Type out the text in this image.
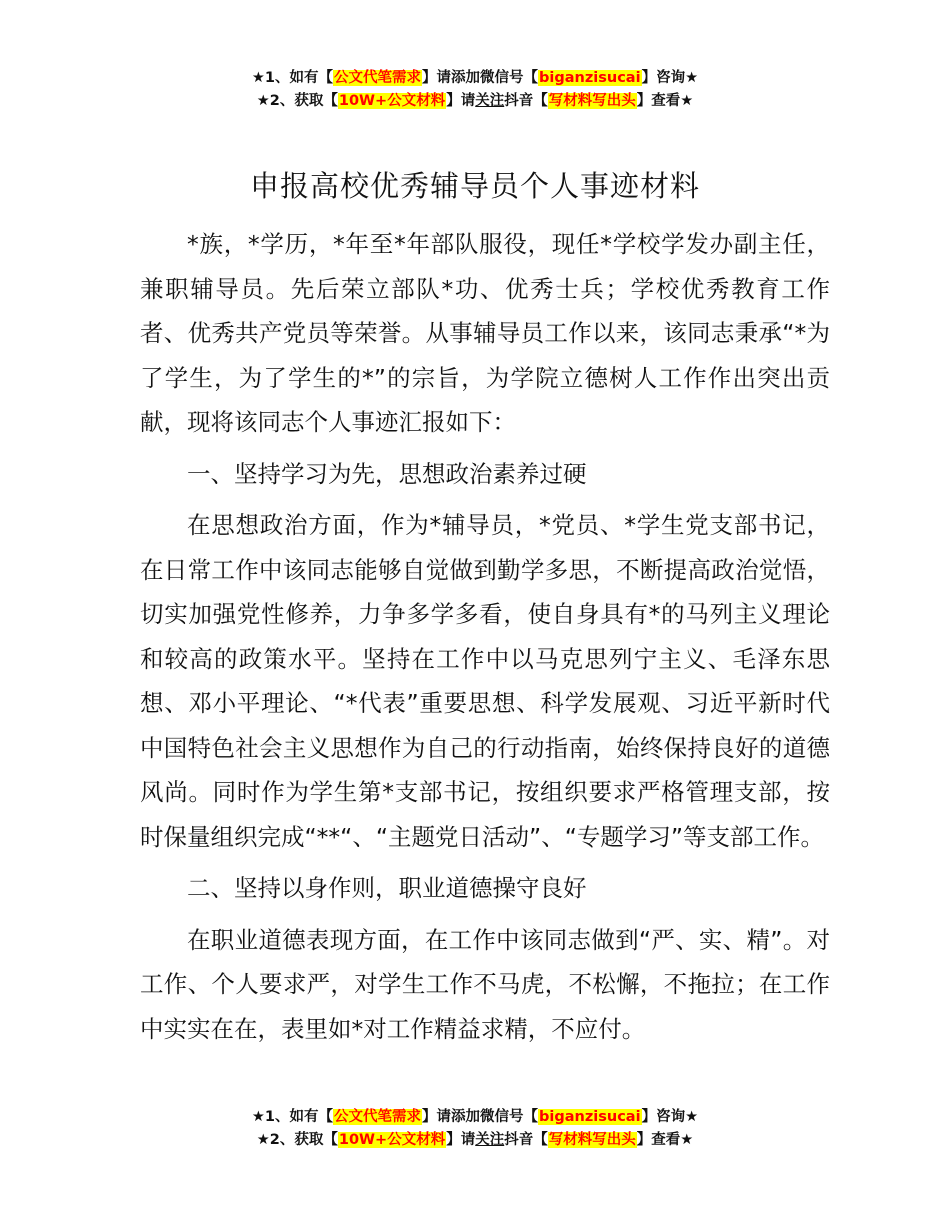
★1、如有【公文代笔需求】请添加微信号【biganzisucai】咨询★
★2、获取【10W+公文材料】请关注抖音【写材料写出头】查看★
申报高校优秀辅导员个人事迹材料

*族，*学历，*年至*年部队服役，现任*学校学发办副主任，兼职辅导员。先后荣立部队*功、优秀士兵；学校优秀教育工作者、优秀共产党员等荣誉。从事辅导员工作以来，该同志秉承“*为了学生，为了学生的*”的宗旨，为学院立德树人工作作出突出贡献，现将该同志个人事迹汇报如下：

一、坚持学习为先，思想政治素养过硬

在思想政治方面，作为*辅导员，*党员、*学生党支部书记，在日常工作中该同志能够自觉做到勤学多思，不断提高政治觉悟，切实加强党性修养，力争多学多看，使自身具有*的马列主义理论和较高的政策水平。坚持在工作中以马克思列宁主义、毛泽东思想、邓小平理论、“*代表”重要思想、科学发展观、习近平新时代中国特色社会主义思想作为自己的行动指南，始终保持良好的道德风尚。同时作为学生第*支部书记，按组织要求严格管理支部，按时保量组织完成“**“、“主题党日活动”、“专题学习”等支部工作。

二、坚持以身作则，职业道德操守良好

在职业道德表现方面，在工作中该同志做到“严、实、精”。对工作、个人要求严，对学生工作不马虎，不松懈，不拖拉；在工作中实实在在，表里如*对工作精益求精，不应付。

★1、如有【公文代笔需求】请添加微信号【biganzisucai】咨询★
★2、获取【10W+公文材料】请关注抖音【写材料写出头】查看★
